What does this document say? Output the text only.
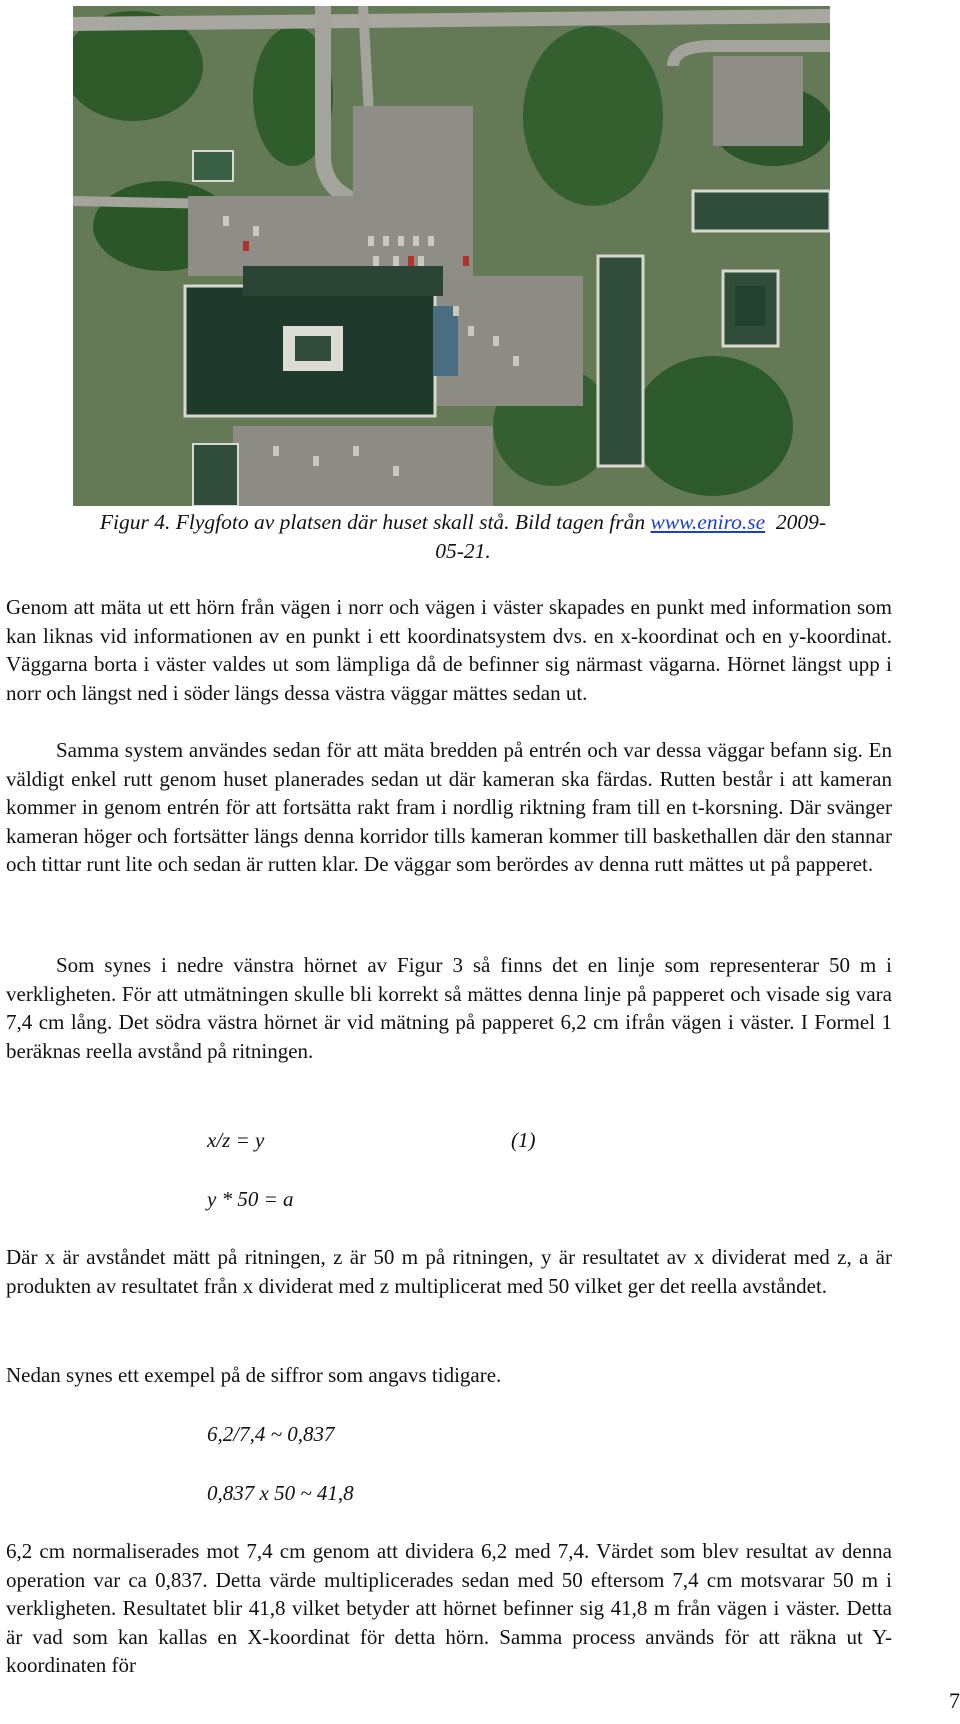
Figur 4. Flygfoto av platsen där huset skall stå. Bild tagen från www.eniro.se 2009-
05-21.
Genom att mäta ut ett hörn från vägen i norr och vägen i väster skapades en punkt med information som kan liknas vid informationen av en punkt i ett koordinatsystem dvs. en x-koordinat och en y-koordinat. Väggarna borta i väster valdes ut som lämpliga då de befinner sig närmast vägarna. Hörnet längst upp i norr och längst ned i söder längs dessa västra väggar mättes sedan ut.
Samma system användes sedan för att mäta bredden på entrén och var dessa väggar befann sig. En väldigt enkel rutt genom huset planerades sedan ut där kameran ska färdas. Rutten består i att kameran kommer in genom entrén för att fortsätta rakt fram i nordlig riktning fram till en t-korsning. Där svänger kameran höger och fortsätter längs denna korridor tills kameran kommer till baskethallen där den stannar och tittar runt lite och sedan är rutten klar. De väggar som berördes av denna rutt mättes ut på papperet.
Som synes i nedre vänstra hörnet av Figur 3 så finns det en linje som representerar 50 m i verkligheten. För att utmätningen skulle bli korrekt så mättes denna linje på papperet och visade sig vara 7,4 cm lång. Det södra västra hörnet är vid mätning på papperet 6,2 cm ifrån vägen i väster. I Formel 1 beräknas reella avstånd på ritningen.
x/z = y	(1)
y * 50 = a
Där x är avståndet mätt på ritningen, z är 50 m på ritningen, y är resultatet av x dividerat med z, a är produkten av resultatet från x dividerat med z multiplicerat med 50 vilket ger det reella avståndet.
Nedan synes ett exempel på de siffror som angavs tidigare.
6,2/7,4 ~ 0,837
0,837 x 50 ~ 41,8
6,2 cm normaliserades mot 7,4 cm genom att dividera 6,2 med 7,4. Värdet som blev resultat av denna operation var ca 0,837. Detta värde multiplicerades sedan med 50 eftersom 7,4 cm motsvarar 50 m i verkligheten. Resultatet blir 41,8 vilket betyder att hörnet befinner sig 41,8 m från vägen i väster. Detta är vad som kan kallas en X-koordinat för detta hörn. Samma process används för att räkna ut Y-koordinaten för
7
